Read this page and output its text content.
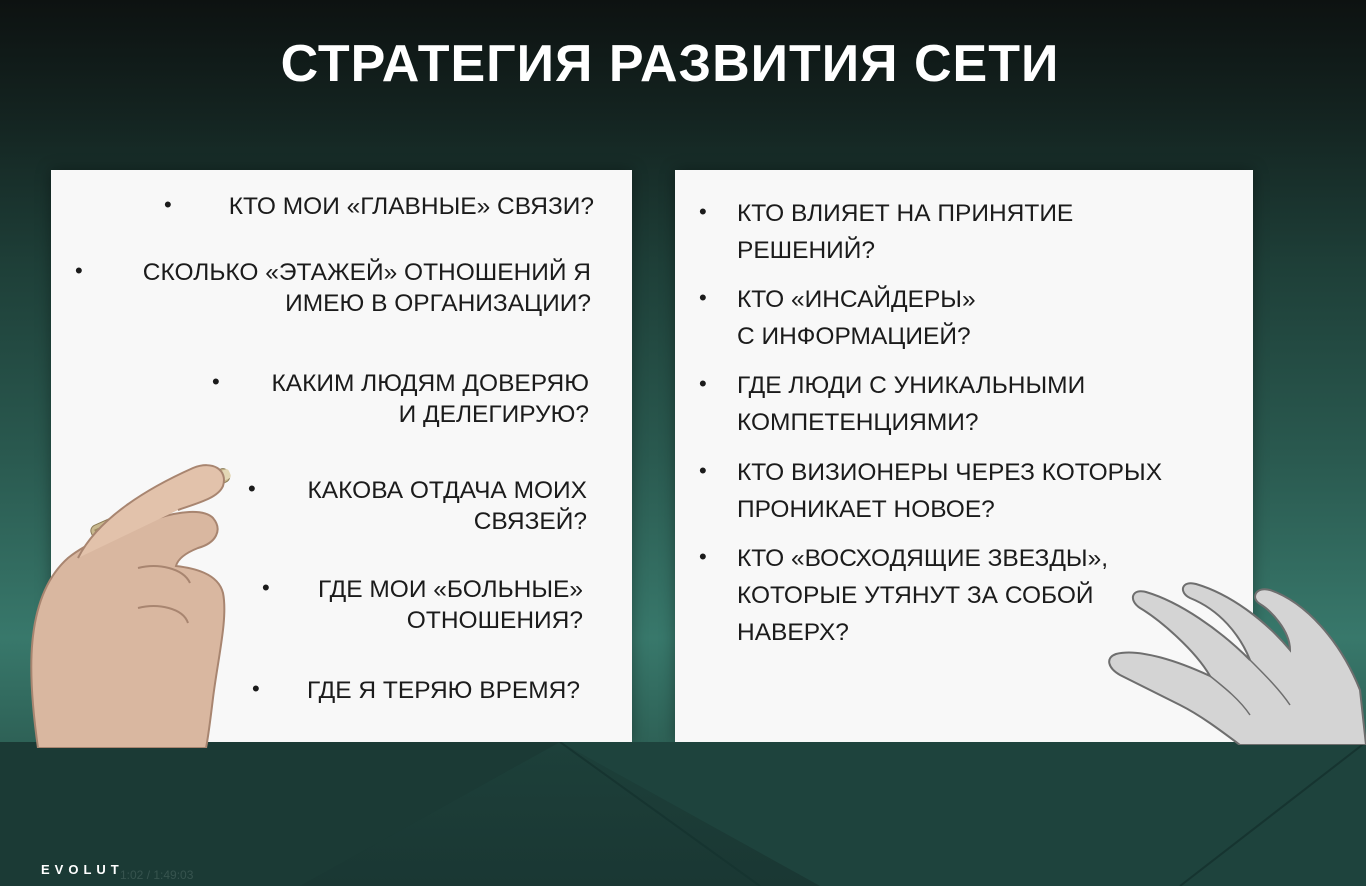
СТРАТЕГИЯ РАЗВИТИЯ СЕТИ
• КТО МОИ «ГЛАВНЫЕ» СВЯЗИ?
• СКОЛЬКО «ЭТАЖЕЙ» ОТНОШЕНИЙ Я
ИМЕЮ В ОРГАНИЗАЦИИ?
• КАКИМ ЛЮДЯМ ДОВЕРЯЮ
И ДЕЛЕГИРУЮ?
• КАКОВА ОТДАЧА МОИХ
СВЯЗЕЙ?
• ГДЕ МОИ «БОЛЬНЫЕ»
ОТНОШЕНИЯ?
• ГДЕ Я ТЕРЯЮ ВРЕМЯ?
• КТО ВЛИЯЕТ НА ПРИНЯТИЕ
РЕШЕНИЙ?
• КТО «ИНСАЙДЕРЫ»
С ИНФОРМАЦИЕЙ?
• ГДЕ ЛЮДИ С УНИКАЛЬНЫМИ
КОМПЕТЕНЦИЯМИ?
• КТО ВИЗИОНЕРЫ ЧЕРЕЗ КОТОРЫХ
ПРОНИКАЕТ НОВОЕ?
• КТО «ВОСХОДЯЩИЕ ЗВЕЗДЫ»,
КОТОРЫЕ УТЯНУТ ЗА СОБОЙ
НАВЕРХ?
EVOLUT
1:02 / 1:49:03
